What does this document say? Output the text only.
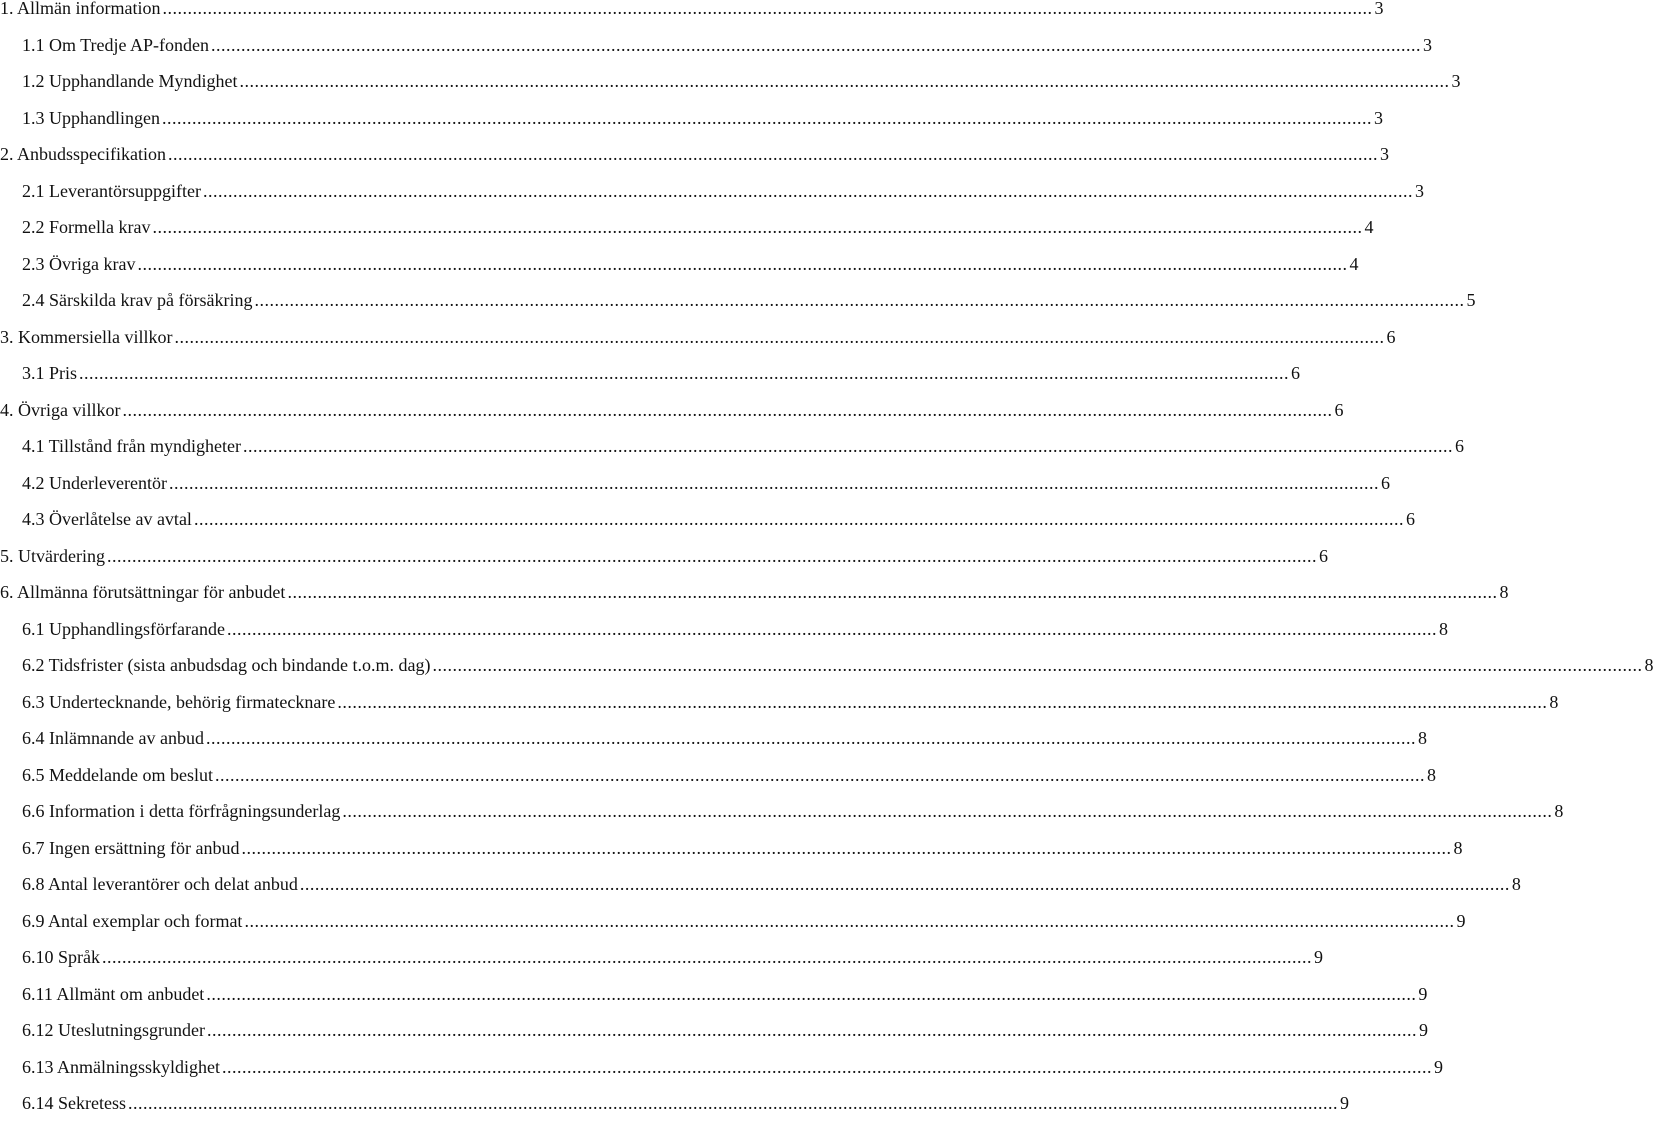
1. Allmän information .....	3
1.1 Om Tredje AP-fonden .....	3
1.2 Upphandlande Myndighet .....	3
1.3 Upphandlingen .....	3
2. Anbudsspecifikation .....	3
2.1 Leverantörsuppgifter .....	3
2.2 Formella krav .....	4
2.3 Övriga krav .....	4
2.4 Särskilda krav på försäkring .....	5
3. Kommersiella villkor .....	6
3.1 Pris .....	6
4. Övriga villkor .....	6
4.1 Tillstånd från myndigheter .....	6
4.2 Underleverentör .....	6
4.3 Överlåtelse av avtal .....	6
5. Utvärdering .....	6
6. Allmänna förutsättningar för anbudet .....	8
6.1 Upphandlingsförfarande .....	8
6.2 Tidsfrister (sista anbudsdag och bindande t.o.m. dag) .....	8
6.3 Undertecknande, behörig firmatecknare .....	8
6.4 Inlämnande av anbud .....	8
6.5 Meddelande om beslut .....	8
6.6 Information i detta förfrågningsunderlag .....	8
6.7 Ingen ersättning för anbud .....	8
6.8 Antal leverantörer och delat anbud .....	8
6.9 Antal exemplar och format .....	9
6.10 Språk .....	9
6.11 Allmänt om anbudet .....	9
6.12 Uteslutningsgrunder .....	9
6.13 Anmälningsskyldighet .....	9
6.14 Sekretess .....	9
